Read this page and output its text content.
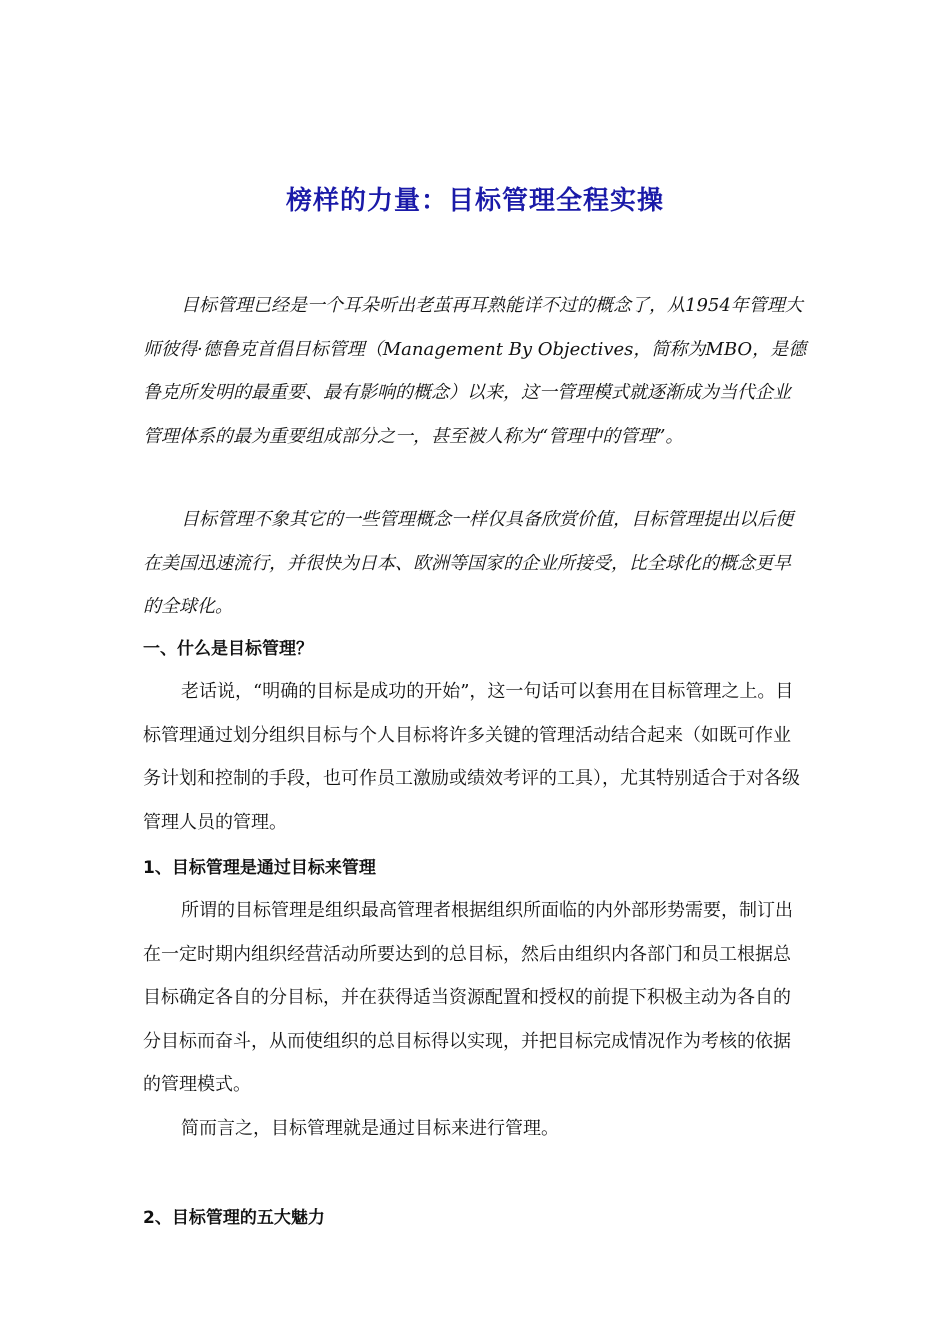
榜样的力量：目标管理全程实操

目标管理已经是一个耳朵听出老茧再耳熟能详不过的概念了，从1954年管理大师彼得·德鲁克首倡目标管理（Management By Objectives，简称为MBO，是德鲁克所发明的最重要、最有影响的概念）以来，这一管理模式就逐渐成为当代企业管理体系的最为重要组成部分之一，甚至被人称为“管理中的管理”。

目标管理不象其它的一些管理概念一样仅具备欣赏价值，目标管理提出以后便在美国迅速流行，并很快为日本、欧洲等国家的企业所接受，比全球化的概念更早的全球化。

一、什么是目标管理？

老话说，“明确的目标是成功的开始”，这一句话可以套用在目标管理之上。目标管理通过划分组织目标与个人目标将许多关键的管理活动结合起来（如既可作业务计划和控制的手段，也可作员工激励或绩效考评的工具），尤其特别适合于对各级管理人员的管理。

1、目标管理是通过目标来管理

所谓的目标管理是组织最高管理者根据组织所面临的内外部形势需要，制订出在一定时期内组织经营活动所要达到的总目标，然后由组织内各部门和员工根据总目标确定各自的分目标，并在获得适当资源配置和授权的前提下积极主动为各自的分目标而奋斗，从而使组织的总目标得以实现，并把目标完成情况作为考核的依据的管理模式。

简而言之，目标管理就是通过目标来进行管理。

2、目标管理的五大魅力
